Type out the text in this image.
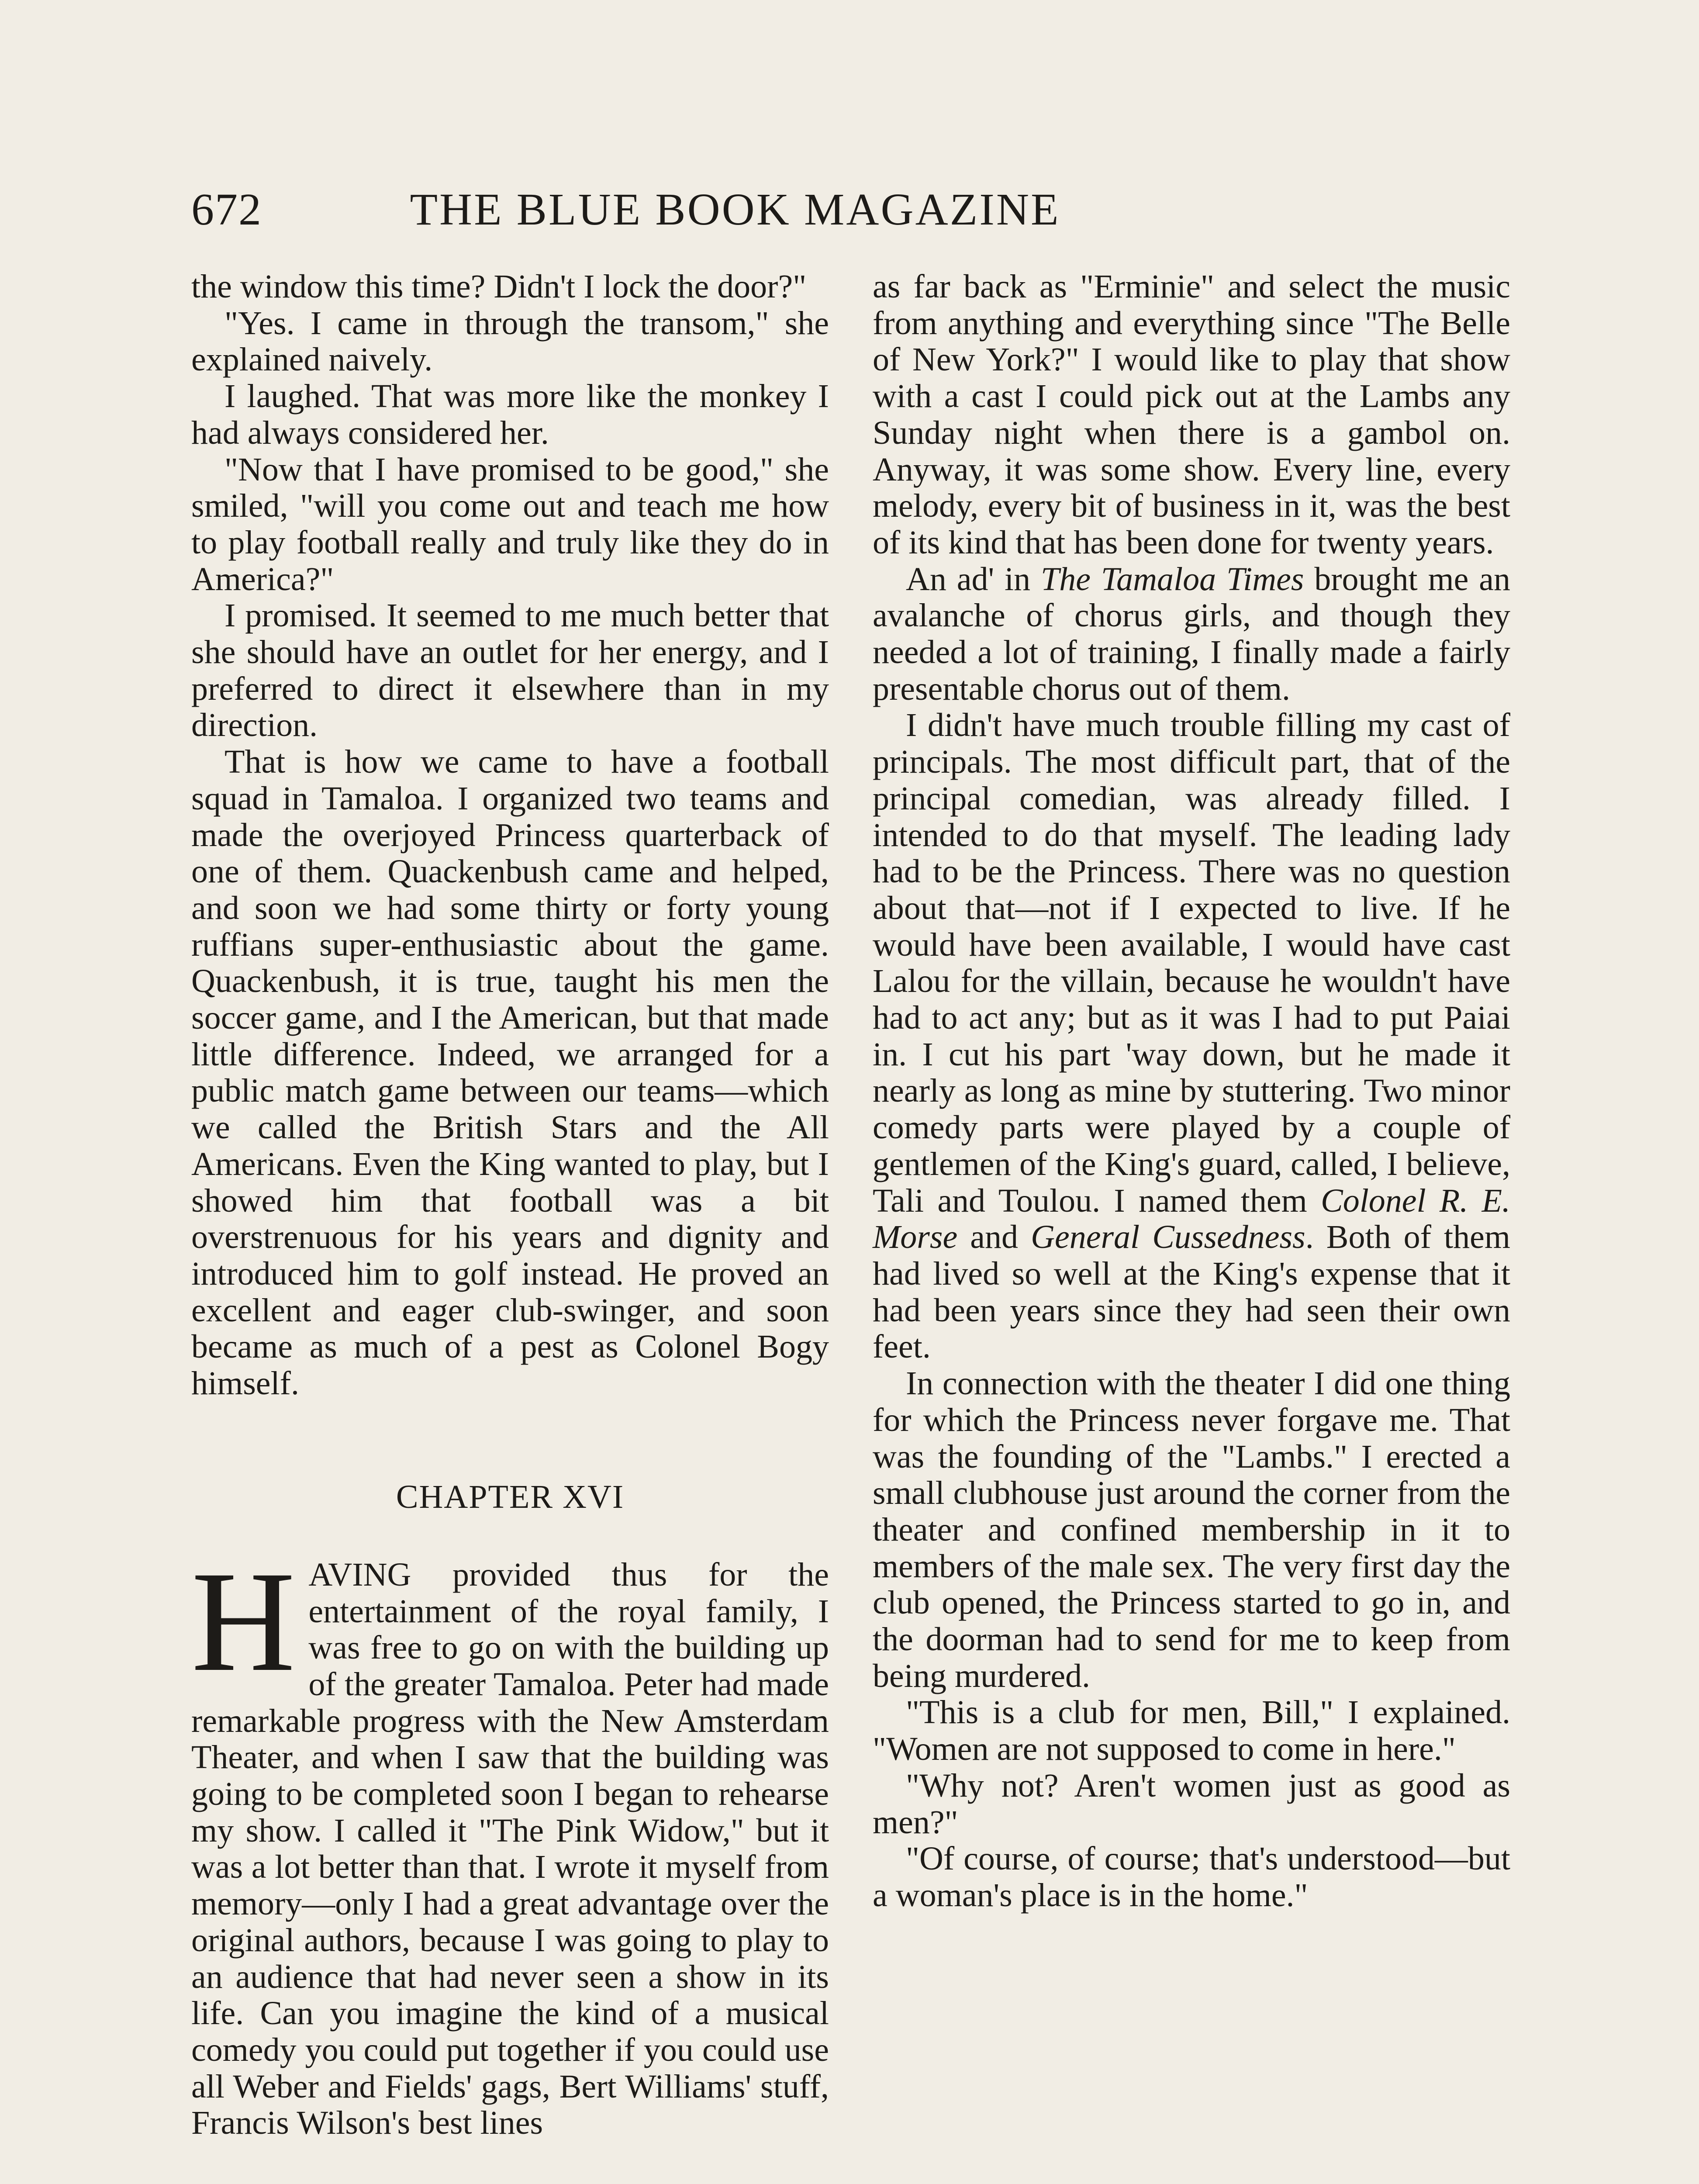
672	THE BLUE BOOK MAGAZINE

the window this time? Didn't I lock the door?"

"Yes. I came in through the transom," she explained naively.

I laughed. That was more like the monkey I had always considered her.

"Now that I have promised to be good," she smiled, "will you come out and teach me how to play football really and truly like they do in America?"

I promised. It seemed to me much better that she should have an outlet for her energy, and I preferred to direct it elsewhere than in my direction.

That is how we came to have a football squad in Tamaloa. I organized two teams and made the overjoyed Princess quarterback of one of them. Quackenbush came and helped, and soon we had some thirty or forty young ruffians super-enthusiastic about the game. Quackenbush, it is true, taught his men the soccer game, and I the American, but that made little difference. Indeed, we arranged for a public match game between our teams—which we called the British Stars and the All Americans. Even the King wanted to play, but I showed him that football was a bit overstrenuous for his years and dignity and introduced him to golf instead. He proved an excellent and eager club-swinger, and soon became as much of a pest as Colonel Bogy himself.

CHAPTER XVI

HAVING provided thus for the entertainment of the royal family, I was free to go on with the building up of the greater Tamaloa. Peter had made remarkable progress with the New Amsterdam Theater, and when I saw that the building was going to be completed soon I began to rehearse my show. I called it "The Pink Widow," but it was a lot better than that. I wrote it myself from memory—only I had a great advantage over the original authors, because I was going to play to an audience that had never seen a show in its life. Can you imagine the kind of a musical comedy you could put together if you could use all Weber and Fields' gags, Bert Williams' stuff, Francis Wilson's best lines

as far back as "Erminie" and select the music from anything and everything since "The Belle of New York?" I would like to play that show with a cast I could pick out at the Lambs any Sunday night when there is a gambol on. Anyway, it was some show. Every line, every melody, every bit of business in it, was the best of its kind that has been done for twenty years.

An ad' in The Tamaloa Times brought me an avalanche of chorus girls, and though they needed a lot of training, I finally made a fairly presentable chorus out of them.

I didn't have much trouble filling my cast of principals. The most difficult part, that of the principal comedian, was already filled. I intended to do that myself. The leading lady had to be the Princess. There was no question about that—not if I expected to live. If he would have been available, I would have cast Lalou for the villain, because he wouldn't have had to act any; but as it was I had to put Paiai in. I cut his part 'way down, but he made it nearly as long as mine by stuttering. Two minor comedy parts were played by a couple of gentlemen of the King's guard, called, I believe, Tali and Toulou. I named them Colonel R. E. Morse and General Cussedness. Both of them had lived so well at the King's expense that it had been years since they had seen their own feet.

In connection with the theater I did one thing for which the Princess never forgave me. That was the founding of the "Lambs." I erected a small clubhouse just around the corner from the theater and confined membership in it to members of the male sex. The very first day the club opened, the Princess started to go in, and the doorman had to send for me to keep from being murdered.

"This is a club for men, Bill," I explained. "Women are not supposed to come in here."

"Why not? Aren't women just as good as men?"

"Of course, of course; that's understood—but a woman's place is in the home."
